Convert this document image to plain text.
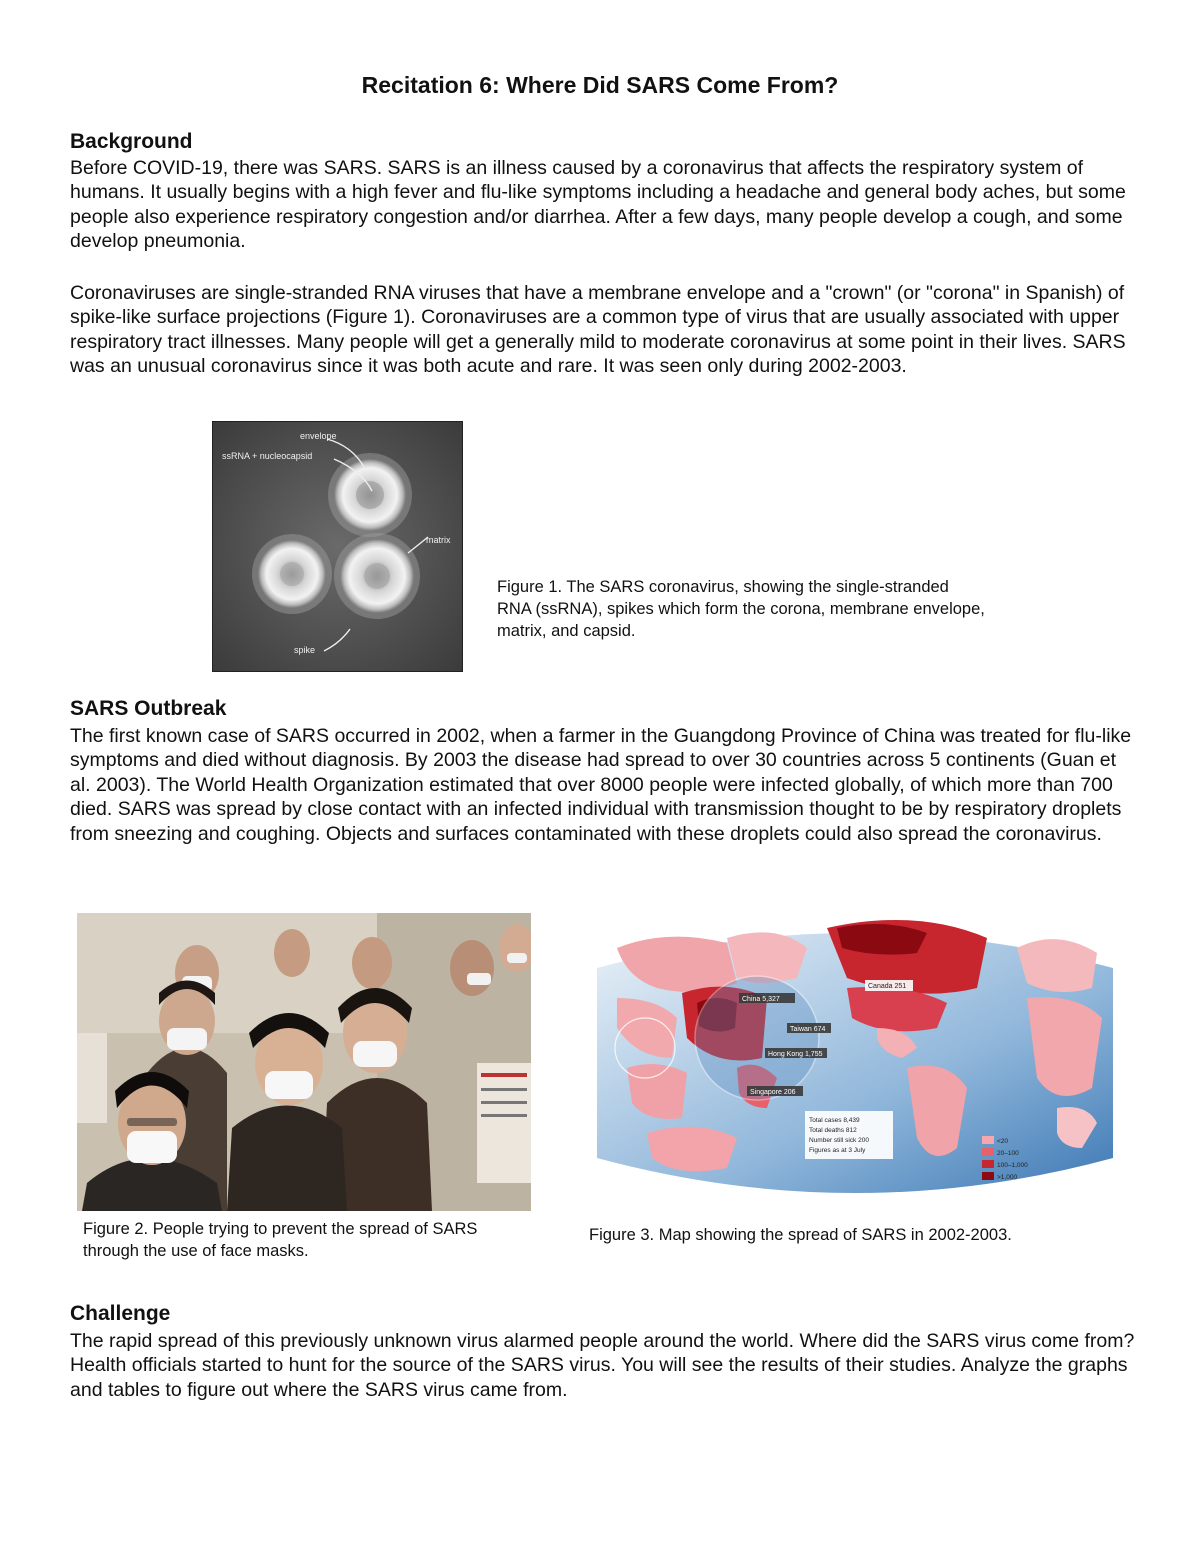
Recitation 6: Where Did SARS Come From?
Background
Before COVID-19, there was SARS. SARS is an illness caused by a coronavirus that affects the respiratory system of humans. It usually begins with a high fever and flu-like symptoms including a headache and general body aches, but some people also experience respiratory congestion and/or diarrhea. After a few days, many people develop a cough, and some develop pneumonia.
Coronaviruses are single-stranded RNA viruses that have a membrane envelope and a "crown" (or "corona" in Spanish) of spike-like surface projections (Figure 1). Coronaviruses are a common type of virus that are usually associated with upper respiratory tract illnesses. Many people will get a generally mild to moderate coronavirus at some point in their lives. SARS was an unusual coronavirus since it was both acute and rare. It was seen only during 2002-2003.
envelope
ssRNA + nucleocapsid
matrix
spike
Figure 1. The SARS coronavirus, showing the single-stranded RNA (ssRNA), spikes which form the corona, membrane envelope, matrix, and capsid.
SARS Outbreak
The first known case of SARS occurred in 2002, when a farmer in the Guangdong Province of China was treated for flu-like symptoms and died without diagnosis. By 2003 the disease had spread to over 30 countries across 5 continents (Guan et al. 2003). The World Health Organization estimated that over 8000 people were infected globally, of which more than 700 died. SARS was spread by close contact with an infected individual with transmission thought to be by respiratory droplets from sneezing and coughing. Objects and surfaces contaminated with these droplets could also spread the coronavirus.
Figure 2. People trying to prevent the spread of SARS through the use of face masks.
China 5,327
Taiwan 674
Hong Kong 1,755
Singapore 206
Canada 251
Total cases 8,439
Total deaths 812
Number still sick 200
Figures as at 3 July
<20
20–100
100–1,000
>1,000
Figure 3. Map showing the spread of SARS in 2002-2003.
Challenge
The rapid spread of this previously unknown virus alarmed people around the world. Where did the SARS virus come from? Health officials started to hunt for the source of the SARS virus. You will see the results of their studies. Analyze the graphs and tables to figure out where the SARS virus came from.
